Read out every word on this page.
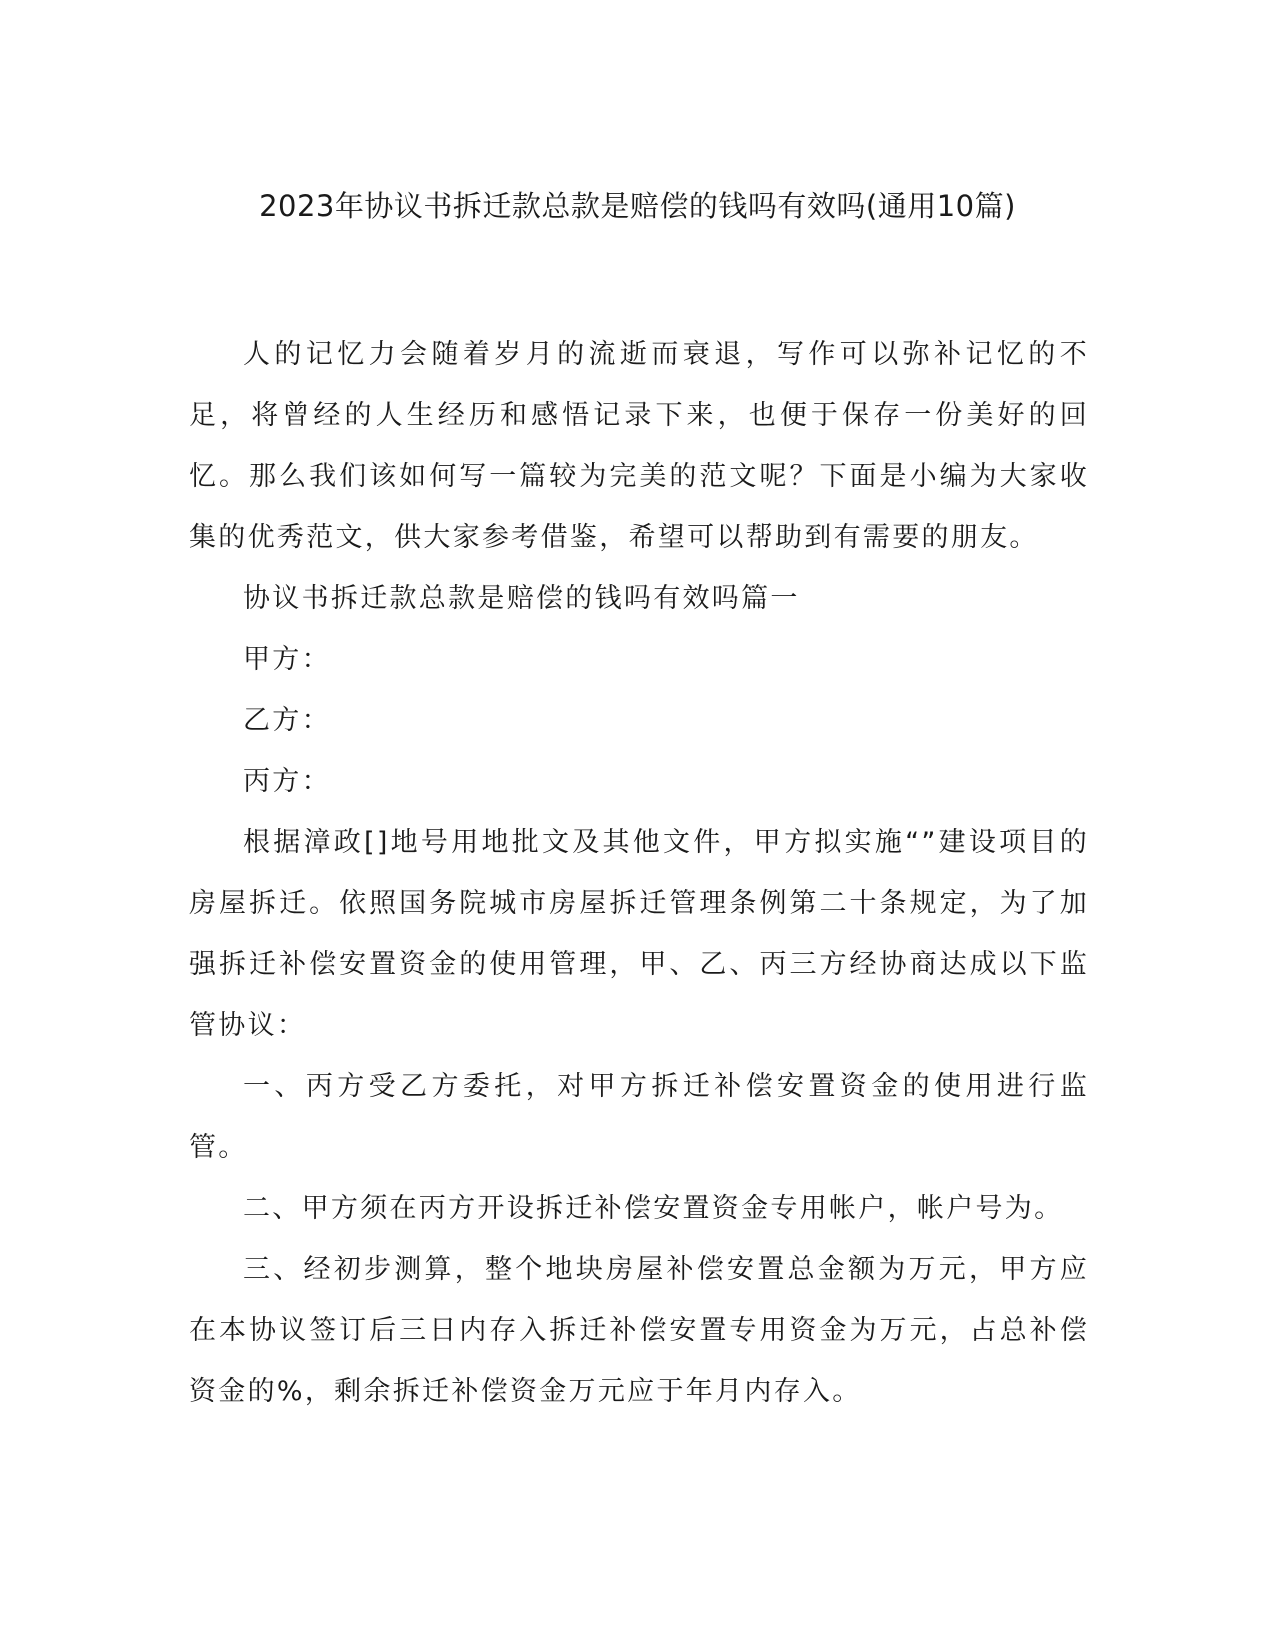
2023年协议书拆迁款总款是赔偿的钱吗有效吗(通用10篇)

人的记忆力会随着岁月的流逝而衰退，写作可以弥补记忆的不足，将曾经的人生经历和感悟记录下来，也便于保存一份美好的回忆。那么我们该如何写一篇较为完美的范文呢？下面是小编为大家收集的优秀范文，供大家参考借鉴，希望可以帮助到有需要的朋友。

协议书拆迁款总款是赔偿的钱吗有效吗篇一

甲方：

乙方：

丙方：

根据漳政[]地号用地批文及其他文件，甲方拟实施“”建设项目的房屋拆迁。依照国务院城市房屋拆迁管理条例第二十条规定，为了加强拆迁补偿安置资金的使用管理，甲、乙、丙三方经协商达成以下监管协议：

一、丙方受乙方委托，对甲方拆迁补偿安置资金的使用进行监管。

二、甲方须在丙方开设拆迁补偿安置资金专用帐户，帐户号为。

三、经初步测算，整个地块房屋补偿安置总金额为万元，甲方应在本协议签订后三日内存入拆迁补偿安置专用资金为万元，占总补偿资金的%，剩余拆迁补偿资金万元应于年月内存入。
